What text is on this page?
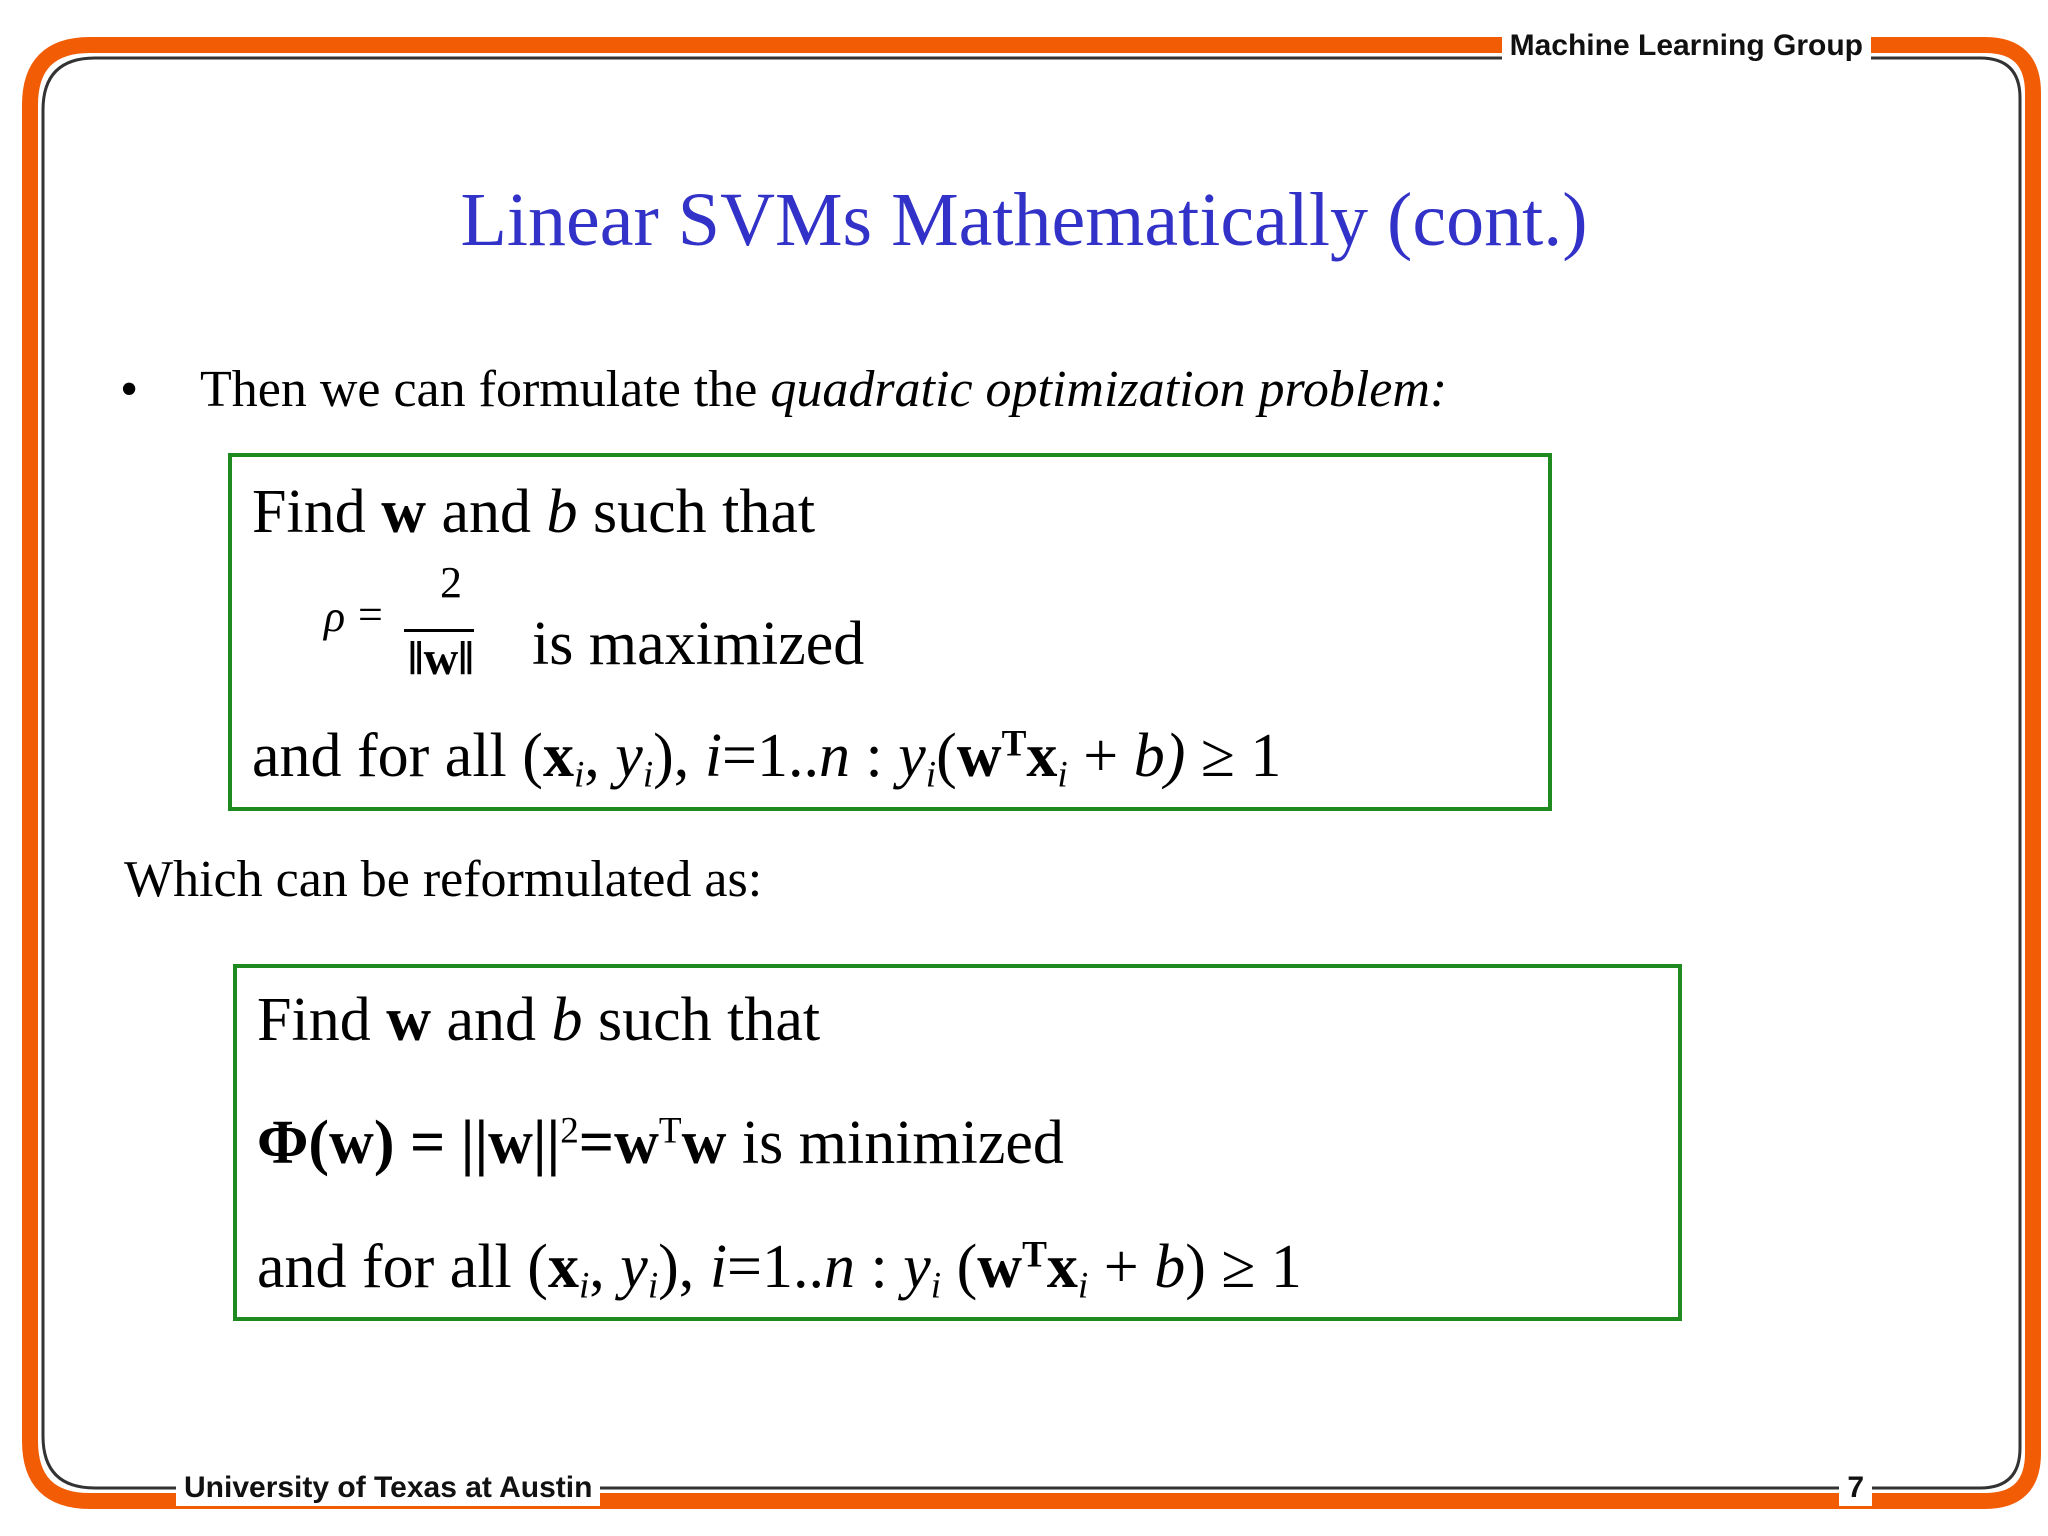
Machine Learning Group
University of Texas at Austin	7
Linear SVMs Mathematically (cont.)
• Then we can formulate the quadratic optimization problem:
Find w and b such that
ρ =
2
‖w‖ is maximized
and for all ($x_i$, $y_i$), i=1..n : $y_i(w^Tx_i + b) \ge 1$
Which can be reformulated as:
Find w and b such that
$\Phi(w) = ||w||^2=w^Tw$ is minimized
and for all ($x_i$, $y_i$), i=1..n : $y_i$ $(w^Tx_i + b) \ge 1$
